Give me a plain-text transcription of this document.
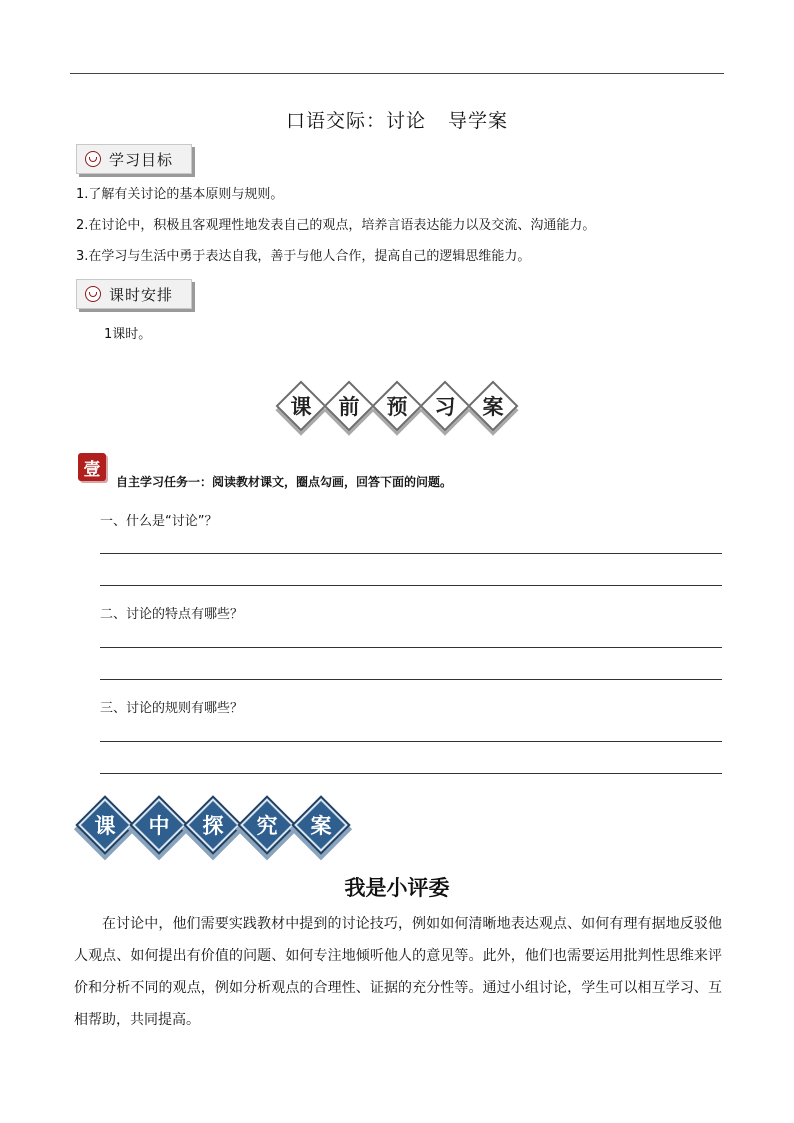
口语交际：讨论 导学案
学习目标
1.了解有关讨论的基本原则与规则。
2.在讨论中，积极且客观理性地发表自己的观点，培养言语表达能力以及交流、沟通能力。
3.在学习与生活中勇于表达自我，善于与他人合作，提高自己的逻辑思维能力。
课时安排
1课时。
课	前	预	习	案
壹
自主学习任务一：阅读教材课文，圈点勾画，回答下面的问题。
一、什么是“讨论”？
二、讨论的特点有哪些？
三、讨论的规则有哪些？
课	中	探	究	案
我是小评委
在讨论中，他们需要实践教材中提到的讨论技巧，例如如何清晰地表达观点、如何有理有据地反驳他人观点、如何提出有价值的问题、如何专注地倾听他人的意见等。此外，他们也需要运用批判性思维来评价和分析不同的观点，例如分析观点的合理性、证据的充分性等。通过小组讨论，学生可以相互学习、互相帮助，共同提高。
